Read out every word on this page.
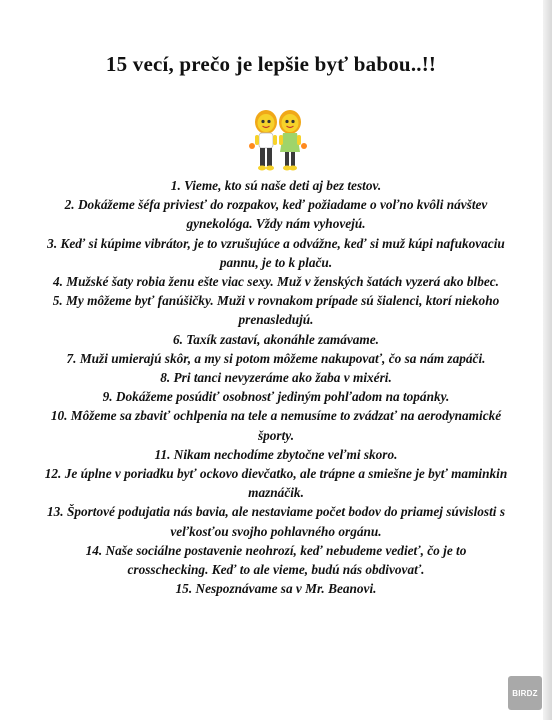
15 vecí, prečo je lepšie byť babou..!!
1. Vieme, kto sú naše deti aj bez testov.
2. Dokážeme šéfa priviesť do rozpakov, keď požiadame o voľno kvôli návštev gynekológa. Vždy nám vyhovejú.
3. Keď si kúpime vibrátor, je to vzrušujúce a odvážne, keď si muž kúpi nafukovaciu pannu, je to k plaču.
4. Mužské šaty robia ženu ešte viac sexy. Muž v ženských šatách vyzerá ako blbec.
5. My môžeme byť fanúšičky. Muži v rovnakom prípade sú šialenci, ktorí niekoho prenasledujú.
6. Taxík zastaví, akonáhle zamávame.
7. Muži umierajú skôr, a my si potom môžeme nakupovať, čo sa nám zapáči.
8. Pri tanci nevyzeráme ako žaba v mixéri.
9. Dokážeme posúdiť osobnosť jediným pohľadom na topánky.
10. Môžeme sa zbaviť ochlpenia na tele a nemusíme to zvádzať na aerodynamické športy.
11. Nikam nechodíme zbytočne veľmi skoro.
12. Je úplne v poriadku byť ockovo dievčatko, ale trápne a smiešne je byť maminkin maznáčik.
13. Športové podujatia nás bavia, ale nestaviame počet bodov do priamej súvislosti s veľkosťou svojho pohlavného orgánu.
14. Naše sociálne postavenie neohrozí, keď nebudeme vedieť, čo je to crosschecking. Keď to ale vieme, budú nás obdivovať.
15. Nespoznávame sa v Mr. Beanovi.
BIRDZ
